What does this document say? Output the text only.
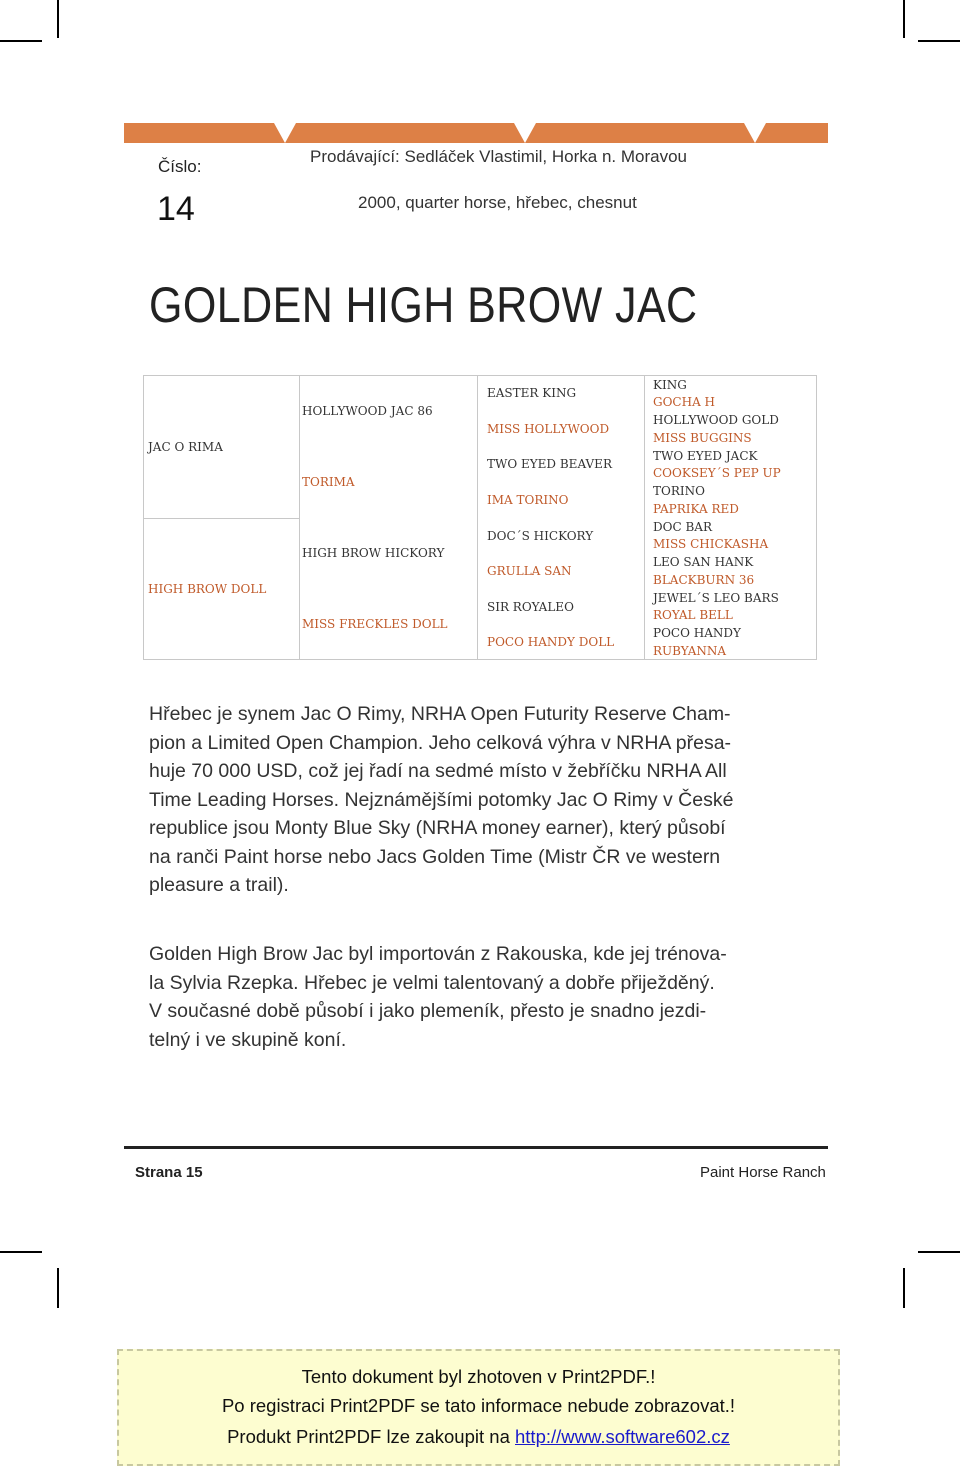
Číslo:
14
Prodávající: Sedláček Vlastimil, Horka n. Moravou
2000, quarter horse, hřebec, chesnut
GOLDEN HIGH BROW JAC
JAC O RIMA
HIGH BROW DOLL
HOLLYWOOD JAC 86
TORIMA
HIGH BROW HICKORY
MISS FRECKLES DOLL
EASTER KING
MISS HOLLYWOOD
TWO EYED BEAVER
IMA TORINO
DOC´S HICKORY
GRULLA SAN
SIR ROYALEO
POCO HANDY DOLL
KING
GOCHA H
HOLLYWOOD GOLD
MISS BUGGINS
TWO EYED JACK
COOKSEY´S PEP UP
TORINO
PAPRIKA RED
DOC BAR
MISS CHICKASHA
LEO SAN HANK
BLACKBURN 36
JEWEL´S LEO BARS
ROYAL BELL
POCO HANDY
RUBYANNA
Hřebec je synem Jac O Rimy, NRHA Open Futurity Reserve Cham-
pion a Limited Open Champion. Jeho celková výhra v NRHA přesa-
huje 70 000 USD, což jej řadí na sedmé místo v žebříčku NRHA All
Time Leading Horses. Nejznámějšími potomky Jac O Rimy v České
republice jsou Monty Blue Sky (NRHA money earner), který působí
na ranči Paint horse nebo Jacs Golden Time (Mistr ČR ve western
pleasure a trail).
Golden High Brow Jac byl importován z Rakouska, kde jej trénova-
la Sylvia Rzepka. Hřebec je velmi talentovaný a dobře přiježděný.
V současné době působí i jako plemeník, přesto je snadno jezdi-
telný i ve skupině koní.
Strana 15	Paint Horse Ranch
Tento dokument byl zhotoven v Print2PDF.!
Po registraci Print2PDF se tato informace nebude zobrazovat.!
Produkt Print2PDF lze zakoupit na http://www.software602.cz
